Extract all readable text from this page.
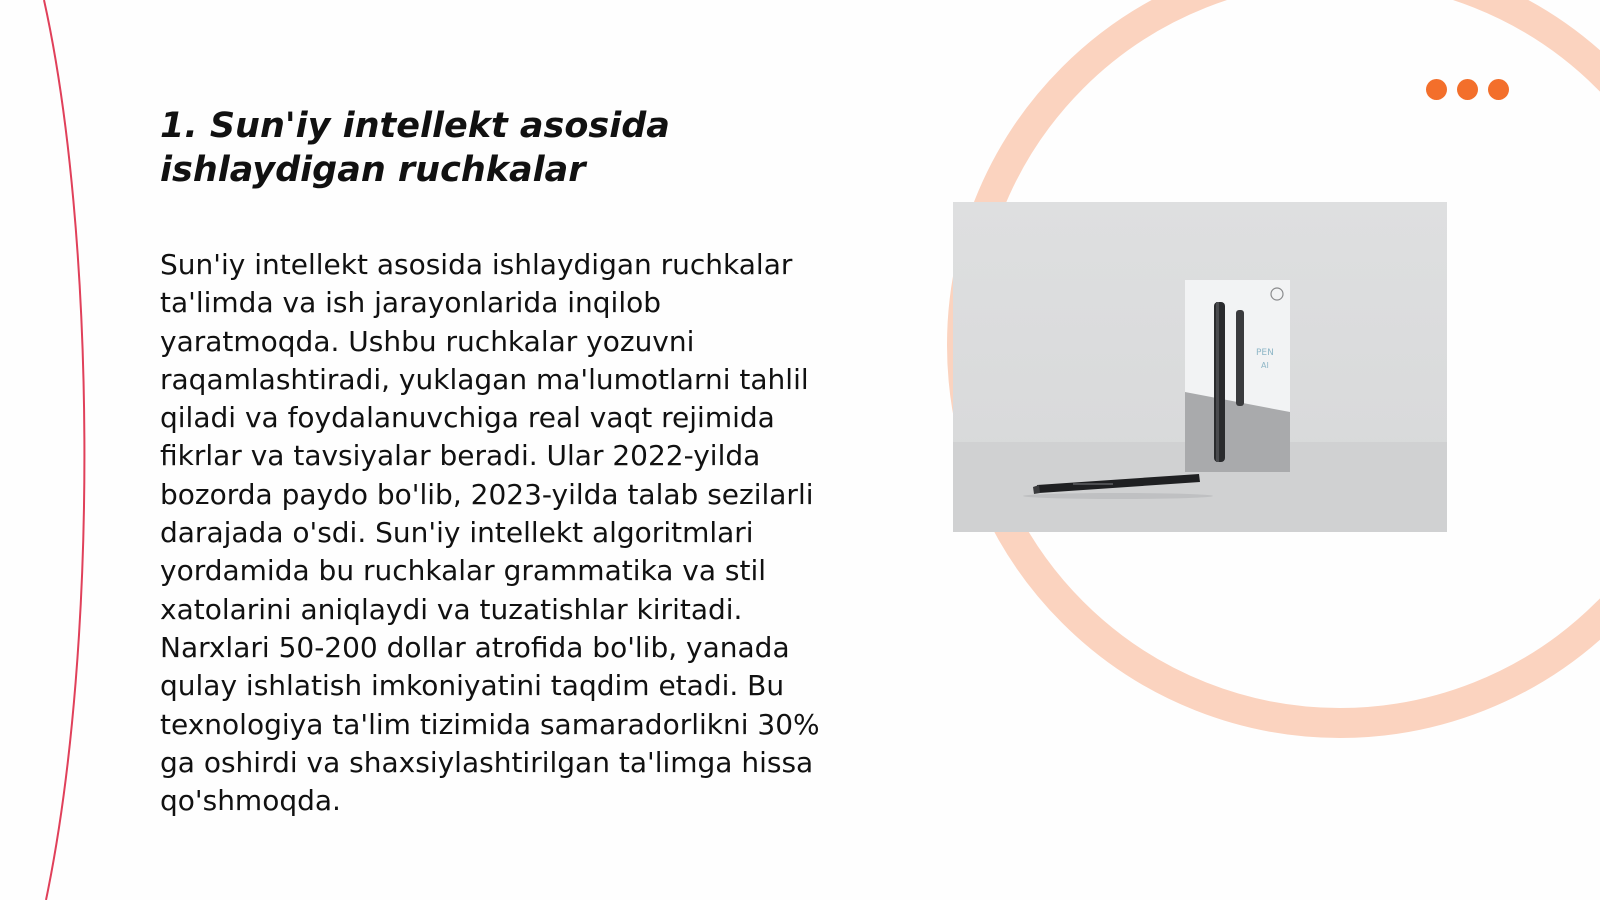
1. Sun'iy intellekt asosida ishlaydigan ruchkalar

Sun'iy intellekt asosida ishlaydigan ruchkalar ta'limda va ish jarayonlarida inqilob yaratmoqda. Ushbu ruchkalar yozuvni raqamlashtiradi, yuklagan ma'lumotlarni tahlil qiladi va foydalanuvchiga real vaqt rejimida fikrlar va tavsiyalar beradi. Ular 2022-yilda bozorda paydo bo'lib, 2023-yilda talab sezilarli darajada o'sdi. Sun'iy intellekt algoritmlari yordamida bu ruchkalar grammatika va stil xatolarini aniqlaydi va tuzatishlar kiritadi. Narxlari 50-200 dollar atrofida bo'lib, yanada qulay ishlatish imkoniyatini taqdim etadi. Bu texnologiya ta'lim tizimida samaradorlikni 30% ga oshirdi va shaxsiylashtirilgan ta'limga hissa qo'shmoqda.

PEN
AI
